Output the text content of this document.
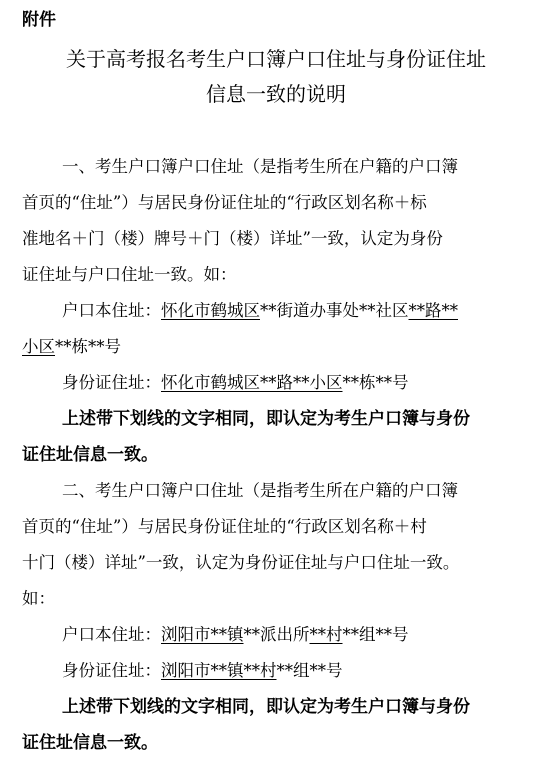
附件
关于高考报名考生户口簿户口住址与身份证住址
信息一致的说明
一、考生户口簿户口住址（是指考生所在户籍的户口簿
首页的“住址”）与居民身份证住址的“行政区划名称＋标
准地名＋门（楼）牌号＋门（楼）详址”一致，认定为身份
证住址与户口住址一致。如：
户口本住址：怀化市鹤城区**街道办事处**社区**路**
小区**栋**号
身份证住址：怀化市鹤城区**路**小区**栋**号
上述带下划线的文字相同，即认定为考生户口簿与身份
证住址信息一致。
二、考生户口簿户口住址（是指考生所在户籍的户口簿
首页的“住址”）与居民身份证住址的“行政区划名称＋村
十门（楼）详址”一致，认定为身份证住址与户口住址一致。
如：
户口本住址：浏阳市**镇**派出所**村**组**号
身份证住址：浏阳市**镇**村**组**号
上述带下划线的文字相同，即认定为考生户口簿与身份
证住址信息一致。
